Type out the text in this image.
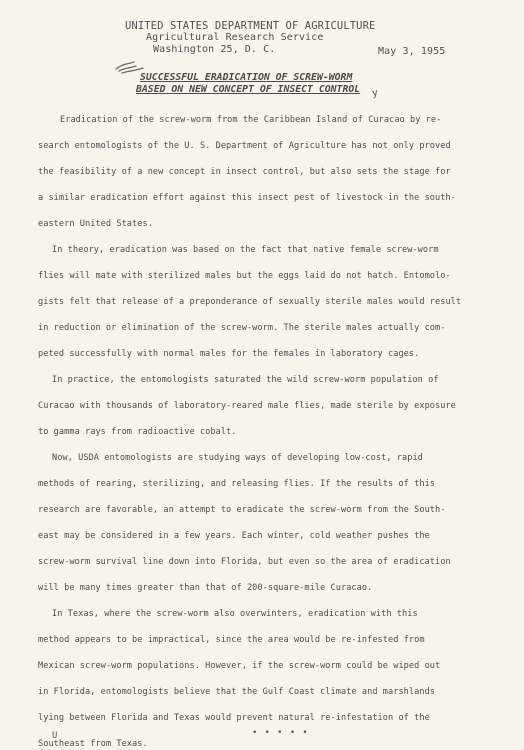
UNITED STATES DEPARTMENT OF AGRICULTURE
Agricultural Research Service
Washington 25, D. C.	May 3, 1955
SUCCESSFUL ERADICATION OF SCREW-WORM
BASED ON NEW CONCEPT OF INSECT CONTROL y
Eradication of the screw-worm from the Caribbean Island of Curacao by re-
search entomologists of the U. S. Department of Agriculture has not only proved
the feasibility of a new concept in insect control, but also sets the stage for
a similar eradication effort against this insect pest of livestock in the south-
eastern United States.
In theory, eradication was based on the fact that native female screw-worm
flies will mate with sterilized males but the eggs laid do not hatch. Entomolo-
gists felt that release of a preponderance of sexually sterile males would result
in reduction or elimination of the screw-worm. The sterile males actually com-
peted successfully with normal males for the females in laboratory cages.
In practice, the entomologists saturated the wild screw-worm population of
Curacao with thousands of laboratory-reared male flies, made sterile by exposure
to gamma rays from radioactive cobalt.
Now, USDA entomologists are studying ways of developing low-cost, rapid
methods of rearing, sterilizing, and releasing flies. If the results of this
research are favorable, an attempt to eradicate the screw-worm from the South-
east may be considered in a few years. Each winter, cold weather pushes the
screw-worm survival line down into Florida, but even so the area of eradication
will be many times greater than that of 200-square-mile Curacao.
In Texas, where the screw-worm also overwinters, eradication with this
method appears to be impractical, since the area would be re-infested from
Mexican screw-worm populations. However, if the screw-worm could be wiped out
in Florida, entomologists believe that the Gulf Coast climate and marshlands
lying between Florida and Texas would prevent natural re-infestation of the
Southeast from Texas.
U	• • • • •
